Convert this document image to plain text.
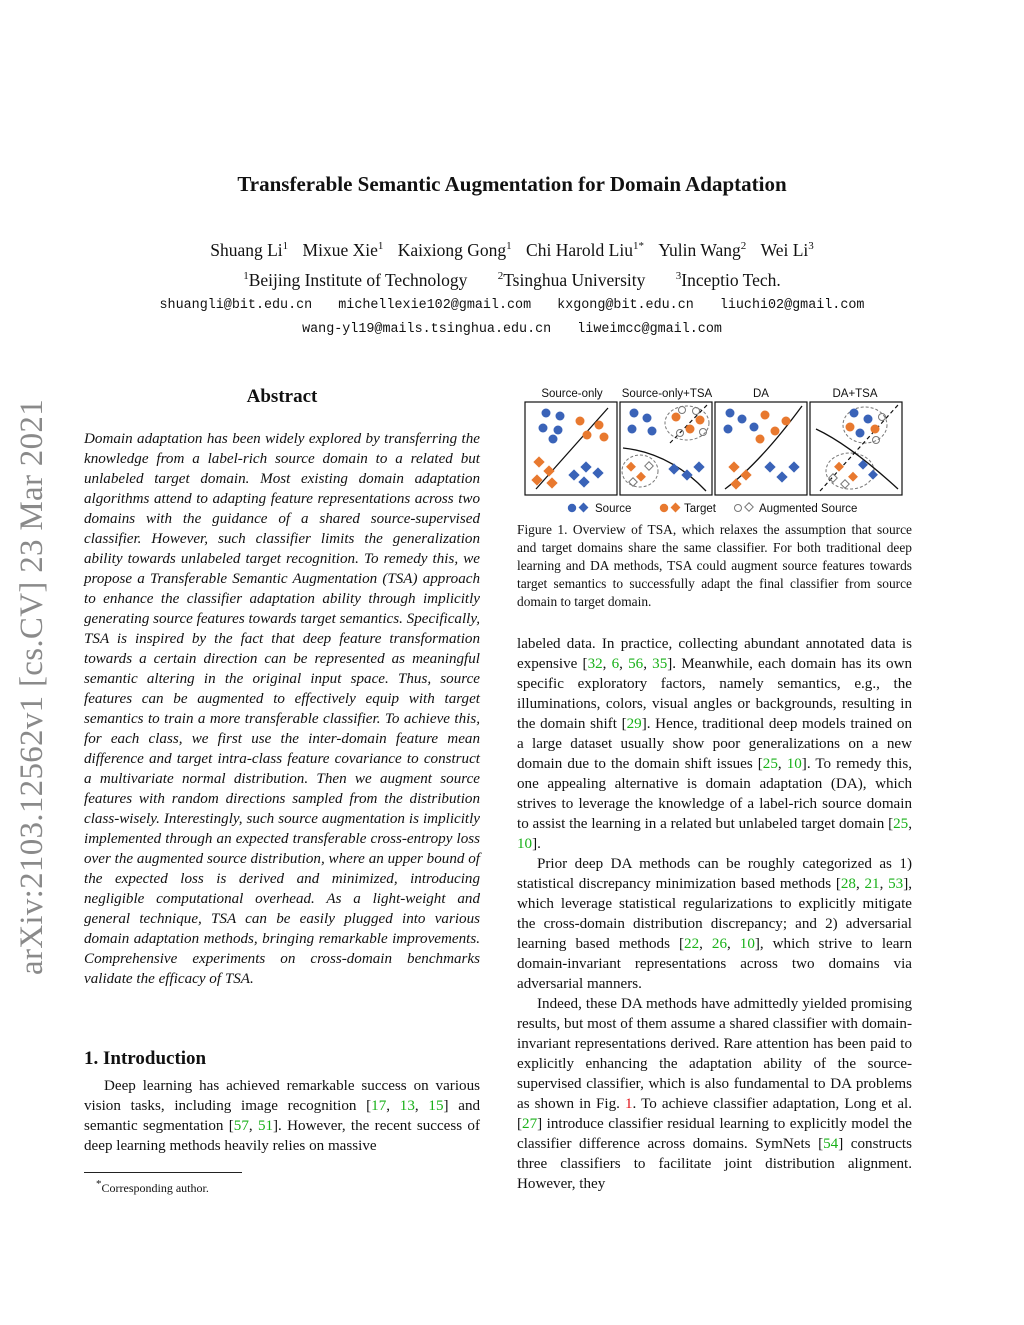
Transferable Semantic Augmentation for Domain Adaptation
Shuang Li$^1$ Mixue Xie$^1$ Kaixiong Gong$^1$ Chi Harold Liu$^{1*}$ Yulin Wang$^2$ Wei Li$^3$
$^1$Beijing Institute of Technology	$^2$Tsinghua University	$^3$Inceptio Tech.
shuangli@bit.edu.cn michellexie102@gmail.com kxgong@bit.edu.cn liuchi02@gmail.com
wang-yl19@mails.tsinghua.edu.cn liweimcc@gmail.com
arXiv:2103.12562v1 [cs.CV] 23 Mar 2021
Abstract

Domain adaptation has been widely explored by transferring the knowledge from a label-rich source domain to a related but unlabeled target domain. Most existing domain adaptation algorithms attend to adapting feature representations across two domains with the guidance of a shared source-supervised classifier. However, such classifier limits the generalization ability towards unlabeled target recognition. To remedy this, we propose a Transferable Semantic Augmentation (TSA) approach to enhance the classifier adaptation ability through implicitly generating source features towards target semantics. Specifically, TSA is inspired by the fact that deep feature transformation towards a certain direction can be represented as meaningful semantic altering in the original input space. Thus, source features can be augmented to effectively equip with target semantics to train a more transferable classifier. To achieve this, for each class, we first use the inter-domain feature mean difference and target intra-class feature covariance to construct a multivariate normal distribution. Then we augment source features with random directions sampled from the distribution class-wisely. Interestingly, such source augmentation is implicitly implemented through an expected transferable cross-entropy loss over the augmented source distribution, where an upper bound of the expected loss is derived and minimized, introducing negligible computational overhead. As a light-weight and general technique, TSA can be easily plugged into various domain adaptation methods, bringing remarkable improvements. Comprehensive experiments on cross-domain benchmarks validate the efficacy of TSA.

1. Introduction

Deep learning has achieved remarkable success on various vision tasks, including image recognition [17, 13, 15] and semantic segmentation [57, 51]. However, the recent success of deep learning methods heavily relies on massive

*Corresponding author.
Source-only Source-only+TSA	DA	DA+TSA
Source	Target	Augmented Source

Figure 1. Overview of TSA, which relaxes the assumption that source and target domains share the same classifier. For both traditional deep learning and DA methods, TSA could augment source features towards target semantics to successfully adapt the final classifier from source domain to target domain.

labeled data. In practice, collecting abundant annotated data is expensive [32, 6, 56, 35]. Meanwhile, each domain has its own specific exploratory factors, namely semantics, e.g., the illuminations, colors, visual angles or backgrounds, resulting in the domain shift [29]. Hence, traditional deep models trained on a large dataset usually show poor generalizations on a new domain due to the domain shift issues [25, 10]. To remedy this, one appealing alternative is domain adaptation (DA), which strives to leverage the knowledge of a label-rich source domain to assist the learning in a related but unlabeled target domain [25, 10].

Prior deep DA methods can be roughly categorized as 1) statistical discrepancy minimization based methods [28, 21, 53], which leverage statistical regularizations to explicitly mitigate the cross-domain distribution discrepancy; and 2) adversarial learning based methods [22, 26, 10], which strive to learn domain-invariant representations across two domains via adversarial manners.

Indeed, these DA methods have admittedly yielded promising results, but most of them assume a shared classifier with domain-invariant representations derived. Rare attention has been paid to explicitly enhancing the adaptation ability of the source-supervised classifier, which is also fundamental to DA problems as shown in Fig. 1. To achieve classifier adaptation, Long et al. [27] introduce classifier residual learning to explicitly model the classifier difference across domains. SymNets [54] constructs three classifiers to facilitate joint distribution alignment. However, they
